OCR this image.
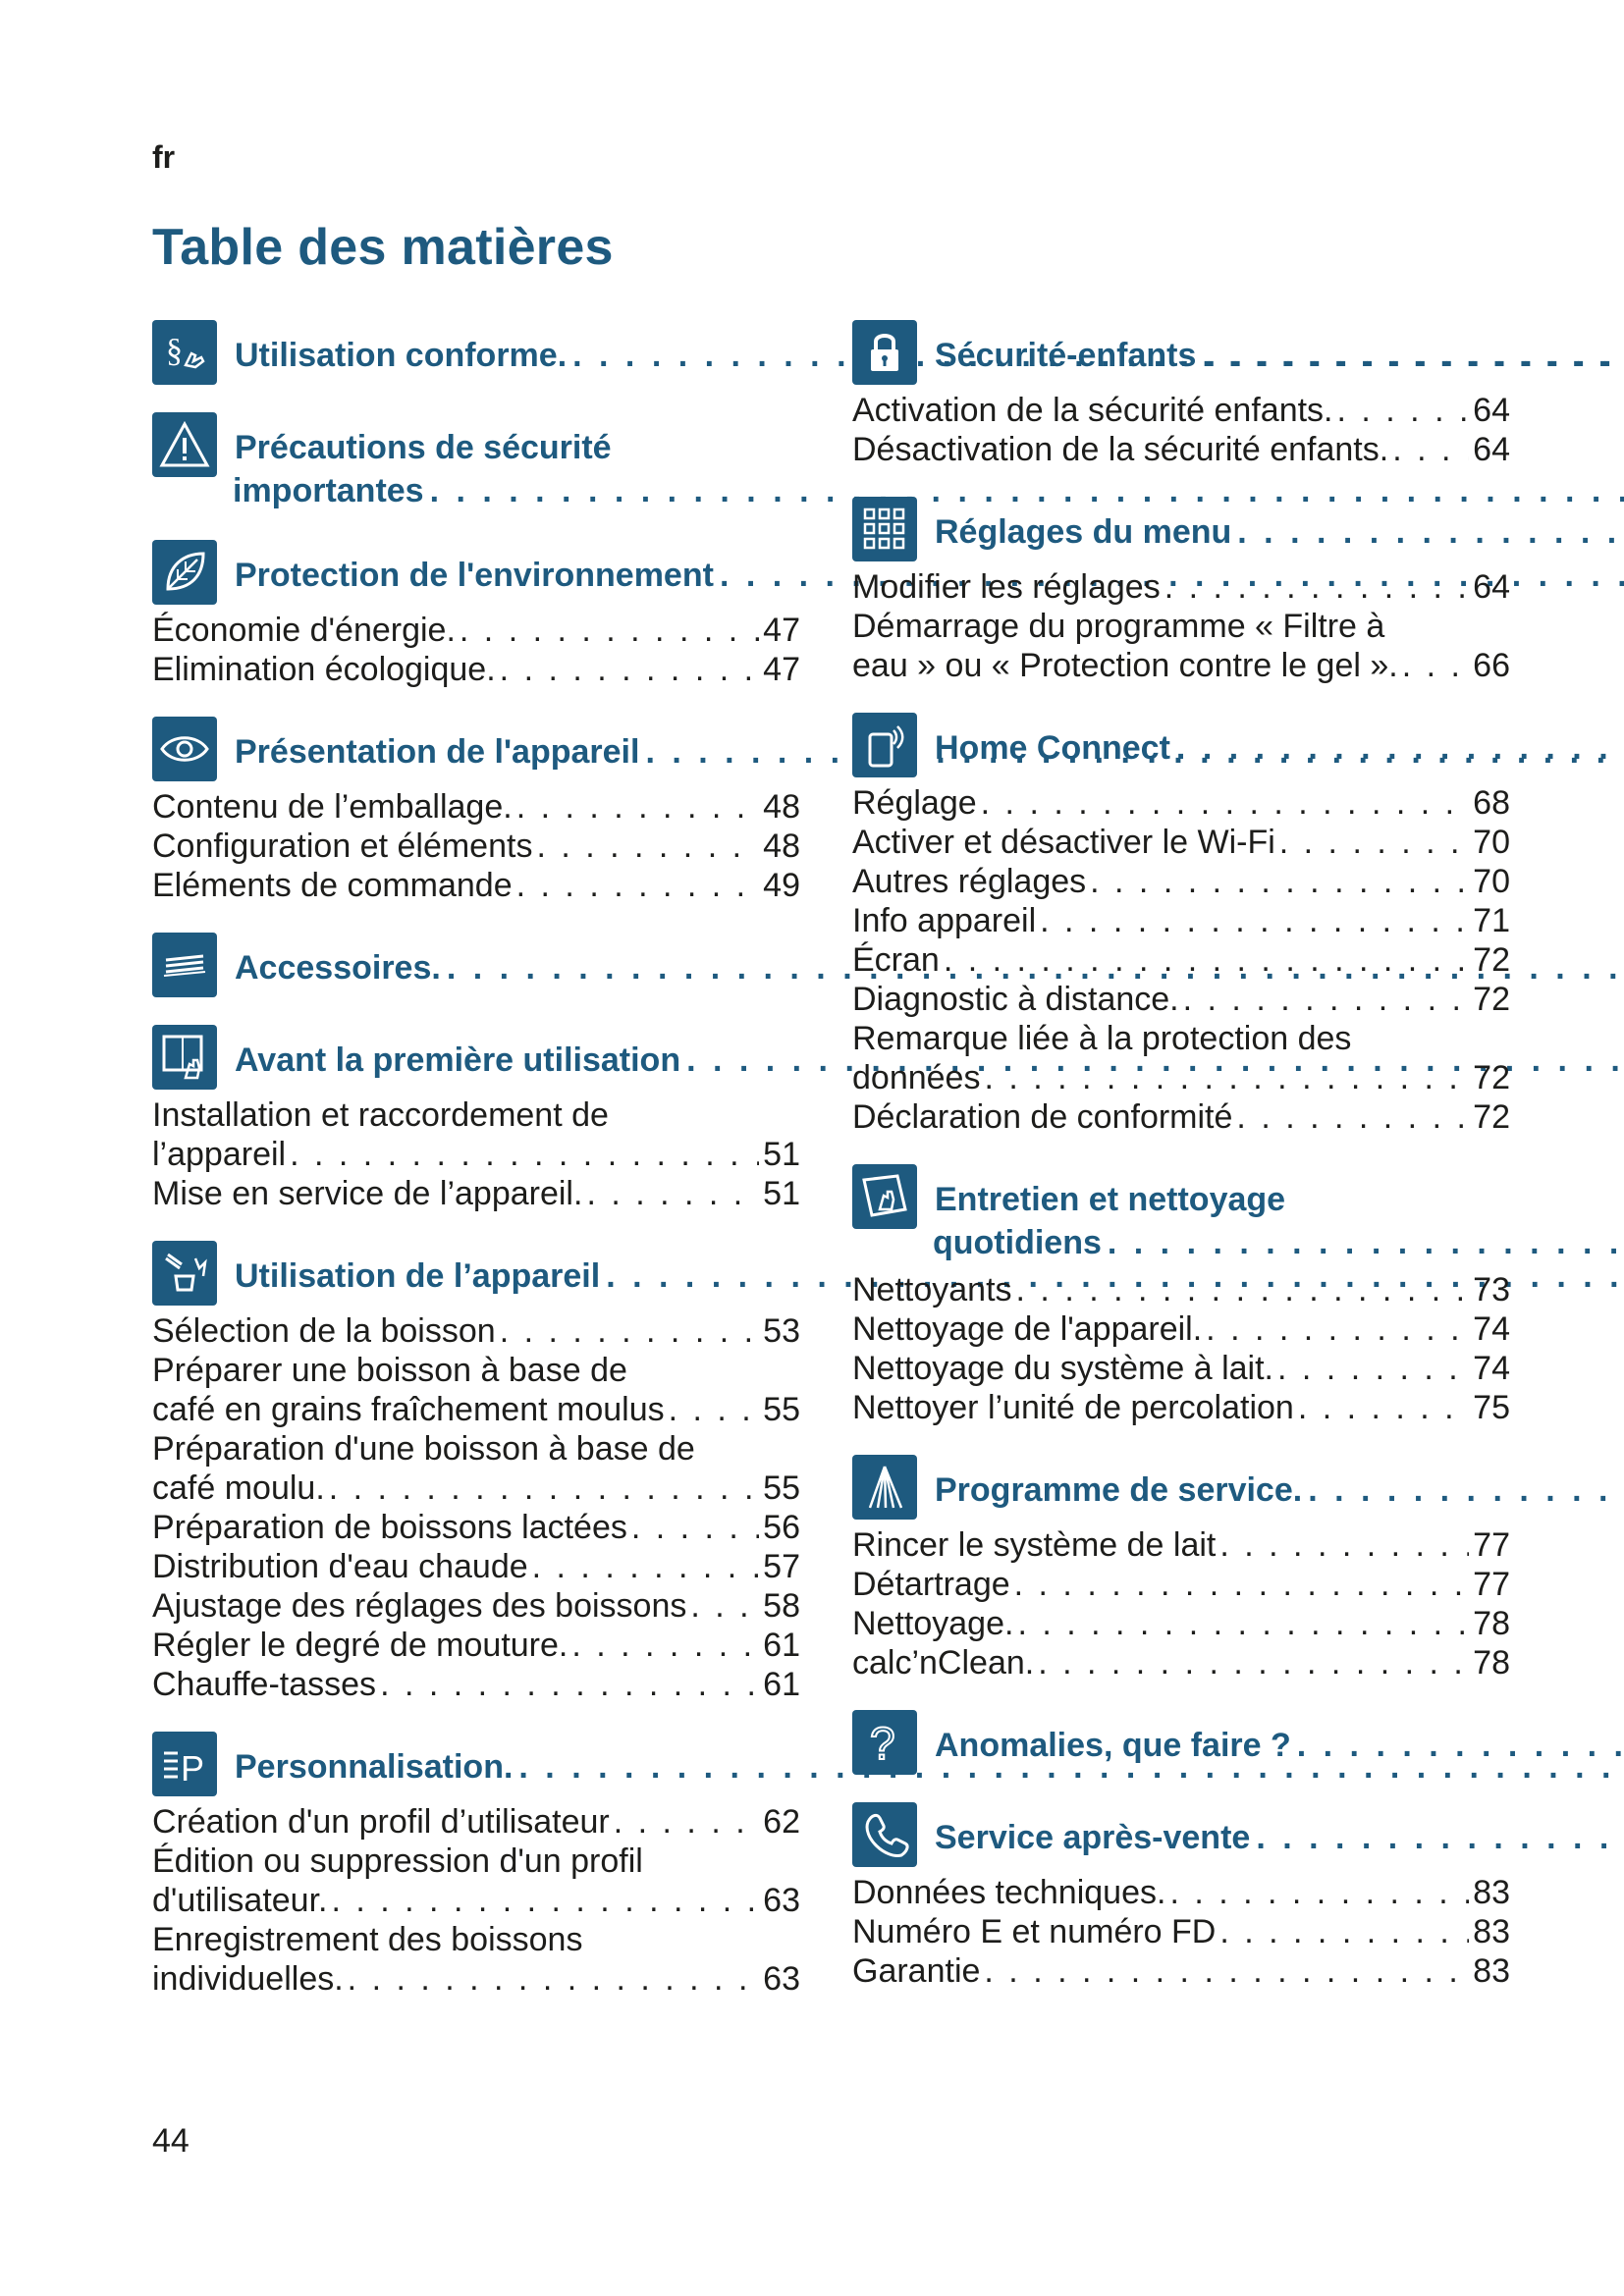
fr
Table des matières
§ Utilisation conforme.
. . .
Précautions de sécurité
importantes
. . .
Protection de l'environnement
. . .
Économie d'énergie. . . .	47
Elimination écologique. . . .	47
Présentation de l'appareil
. . .
Contenu de l’emballage. . . .	48
Configuration et éléments . . .	48
Eléments de commande . . .	49
Accessoires.
. . .
Avant la première utilisation
. . .
Installation et raccordement de
l’appareil . . .	51
Mise en service de l’appareil. . . .	51
Utilisation de l’appareil
. . .
Sélection de la boisson . . .	53
Préparer une boisson à base de
café en grains fraîchement moulus . . .	55
Préparation d'une boisson à base de
café moulu. . . .	55
Préparation de boissons lactées . . .	56
Distribution d'eau chaude . . .	57
Ajustage des réglages des boissons . . . 58
Régler le degré de mouture. . . .	61
Chauffe-tasses . . .	61
P Personnalisation.
. . .
Création d'un profil d’utilisateur . . .	62
Édition ou suppression d'un profil
d'utilisateur. . . .	63
Enregistrement des boissons
individuelles. . . .	63
Sécurité-enfants
. . .
Activation de la sécurité enfants. . . .	64
Désactivation de la sécurité enfants. . . .	64
Réglages du menu
. . .
Modifier les réglages . . .	64
Démarrage du programme « Filtre à
eau » ou « Protection contre le gel ». . . . 66
Home Connect
. . .
Réglage . . .	68
Activer et désactiver le Wi-Fi . . .	70
Autres réglages . . .	70
Info appareil . . .	71
Écran . . .	72
Diagnostic à distance. . . .	72
Remarque liée à la protection des
données . . .	72
Déclaration de conformité . . .	72
Entretien et nettoyage
quotidiens
. . .
Nettoyants . . .	73
Nettoyage de l'appareil. . . .	74
Nettoyage du système à lait. . . .	74
Nettoyer l’unité de percolation . . .	75
Programme de service.
. . .
Rincer le système de lait . . .	77
Détartrage . . .	77
Nettoyage. . . .	78
calc’nClean. . . .	78
? Anomalies, que faire ?
. . .
Service après-vente
. . .
Données techniques. . . .	83
Numéro E et numéro FD . . .	83
Garantie . . .	83
44
